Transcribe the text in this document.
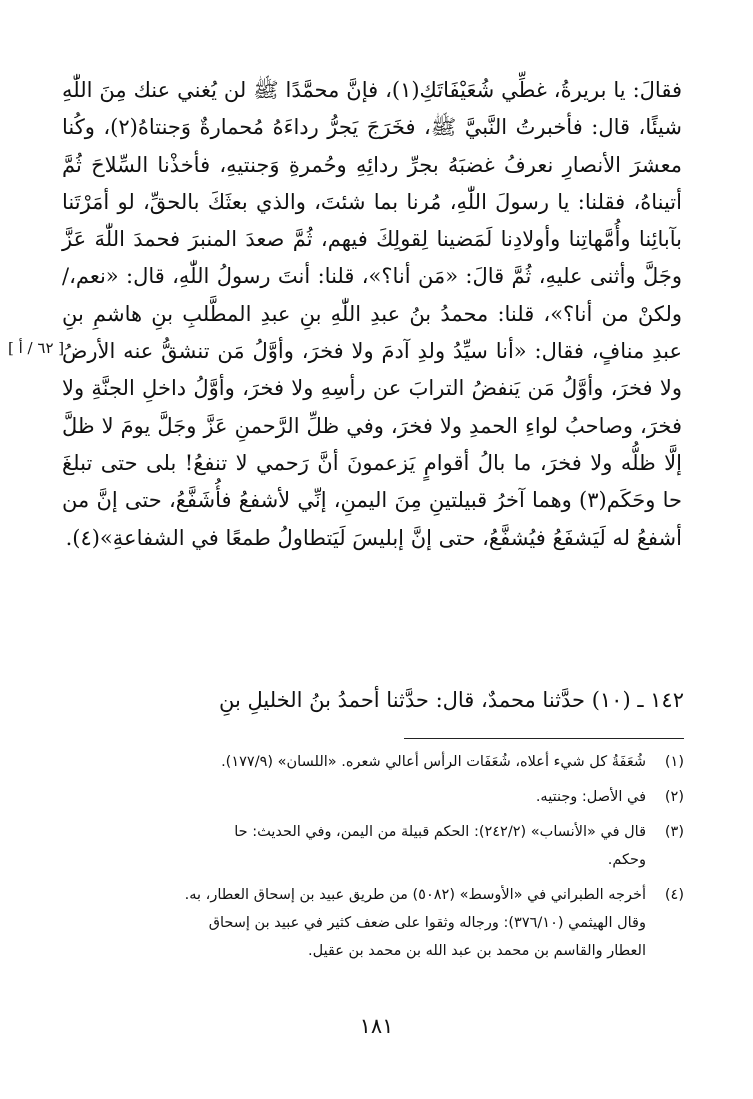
فقالَ: يا بريرةُ، غطِّي شُعَيْفَاتَكِ(١)، فإنَّ محمَّدًا ﷺ لن يُغني عنك مِنَ اللّٰهِ شيئًا، قال: فأخبرتُ النَّبيَّ ﷺ، فخَرَجَ يَجرُّ رداءَهُ مُحمارةٌ وَجنتاهُ(٢)، وكُنا معشرَ الأنصارِ نعرفُ غضبَهُ بجرِّ ردائِهِ وحُمرةِ وَجنتيهِ، فأخذْنا السِّلاحَ ثُمَّ أتيناهُ، فقلنا: يا رسولَ اللّٰهِ، مُرنا بما شئتَ، والذي بعثَكَ بالحقِّ، لو أمَرْتَنا بآبائِنا وأُمَّهاتِنا وأولادِنا لَمَضينا لِقولِكَ فيهم، ثُمَّ صعدَ المنبرَ فحمدَ اللّٰهَ عَزَّ وجَلَّ وأثنى عليهِ، ثُمَّ قالَ: «مَن أنا؟»، قلنا: أنتَ رسولُ اللّٰهِ، قال: «نعم،/ ولكنْ من أنا؟»، قلنا: محمدُ بنُ عبدِ اللّٰهِ بنِ عبدِ المطَّلبِ بنِ هاشمِ بنِ عبدِ منافٍ، فقال: «أنا سيِّدُ ولدِ آدمَ ولا فخرَ، وأوَّلُ مَن تنشقُّ عنه الأرضُ ولا فخرَ، وأوَّلُ مَن يَنفضُ الترابَ عن رأسِهِ ولا فخرَ، وأوَّلُ داخلِ الجنَّةِ ولا فخرَ، وصاحبُ لواءِ الحمدِ ولا فخرَ، وفي ظلِّ الرَّحمنِ عَزَّ وجَلَّ يومَ لا ظلَّ إلَّا ظلُّه ولا فخرَ، ما بالُ أقوامٍ يَزعمونَ أنَّ رَحمي لا تنفعُ! بلى حتى تبلغَ حا وحَكَم(٣) وهما آخرُ قبيلتينِ مِنَ اليمنِ، إنِّي لأشفعُ فأُشَفَّعُ، حتى إنَّ من أشفعُ له لَيَشفَعُ فيُشفَّعُ، حتى إنَّ إبليسَ لَيَتطاولُ طمعًا في الشفاعةِ»(٤).

[ ٦٢ / أ ]
١٤٢ ـ (١٠) حدَّثنا محمدٌ، قال: حدَّثنا أحمدُ بنُ الخليلِ بنِ
(١)
شُعَفَةُ كل شيء أعلاه، شُعَفَات الرأس أعالي شعره. «اللسان» (١٧٧/٩).
(٢)
في الأصل: وجنتيه.
(٣)
قال في «الأنساب» (٢٤٢/٢): الحكم قبيلة من اليمن، وفي الحديث: حا
وحكم.
(٤)
أخرجه الطبراني في «الأوسط» (٥٠٨٢) من طريق عبيد بن إسحاق العطار، به.
وقال الهيثمي (٣٧٦/١٠): ورجاله وثقوا على ضعف كثير في عبيد بن إسحاق
العطار والقاسم بن محمد بن عبد الله بن محمد بن عقيل.
١٨١
